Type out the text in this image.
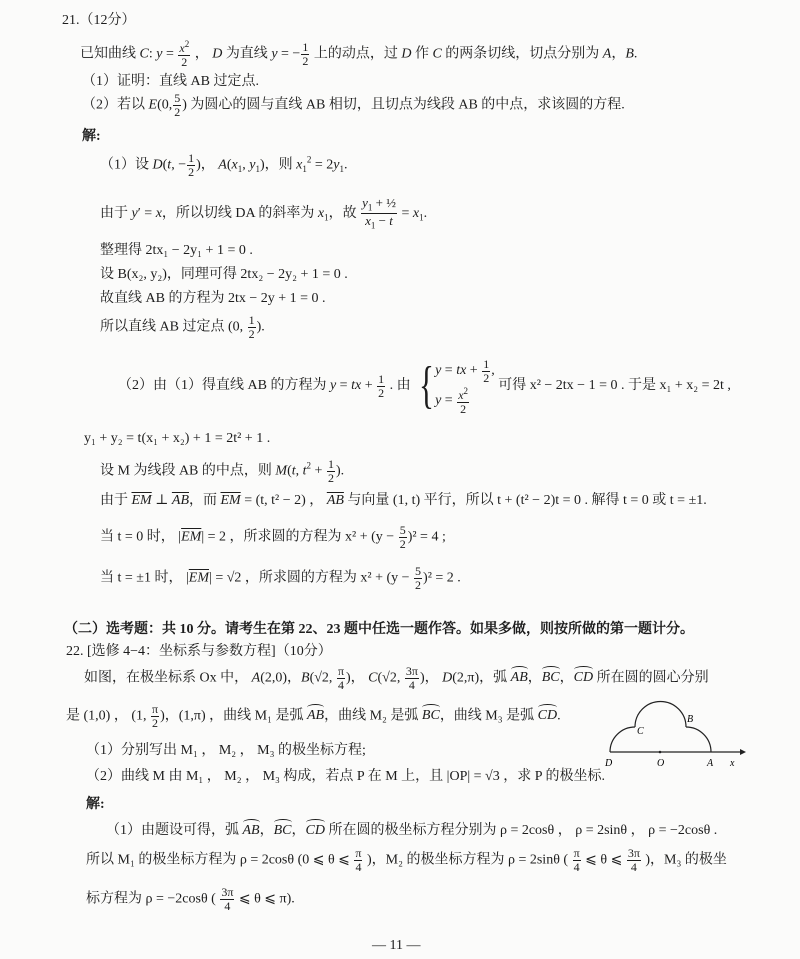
21.（12分）
已知曲线 C: $y = \frac{x^2}{2}$ ， D 为直线 y = − $\frac{1}{2}$ 上的动点，过 D 作 C 的两条切线，切点分别为 A，B.
（1）证明：直线 AB 过定点.
（2）若以 E(0, $\frac{5}{2}$ ) 为圆心的圆与直线 AB 相切，且切点为线段 AB 的中点，求该圆的方程.
解:
（1）设 D(t, − $\frac{1}{2}$ )， $A(x_1$, $y_1$)，则 $x_1^2 = 2y_1$.
由于 y′ = x，所以切线 DA 的斜率为 $x_1$，故 $\frac{y_1 + \frac{1}{2}}{x_1 - t} = x_1$.
整理得 2tx₁ − 2y₁ + 1 = 0 .
设 B(x₂, y₂)，同理可得 2tx₂ − 2y₂ + 1 = 0 .
故直线 AB 的方程为 2tx − 2y + 1 = 0 .
所以直线 AB 过定点 (0, $\frac{1}{2}$ ).
（2）由（1）得直线 AB 的方程为 y = tx + $\frac{1}{2}$ . 由 { y = tx + $\frac{1}{2}$ ,
$y = \frac{x^2}{2}$
可得 x² − 2tx − 1 = 0 . 于是 x₁ + x₂ = 2t ,
y₁ + y₂ = t(x₁ + x₂) + 1 = 2t² + 1 .
设 M 为线段 AB 的中点，则 M(t, $t^2 + \frac{1}{2}$ ).
由于 $\overline{EM}$ ⊥ $\overline{AB}$，而 $\overline{EM} = (t$, t² − 2) ， $\overline{AB}$ 与向量 (1, t) 平行，所以 t + (t² − 2)t = 0 . 解得 t = 0 或 t = ±1.
当 t = 0 时， $|\overline{EM}| = 2$ ，所求圆的方程为 $x^2 + (y - \frac{5}{2} )^2 = 4$ ;
当 t = ±1 时， $|\overline{EM}| = √2$ ，所求圆的方程为 $x^2 + (y - \frac{5}{2} )^2 = 2$ .
（二）选考题：共 10 分。请考生在第 22、23 题中任选一题作答。如果多做，则按所做的第一题计分。
22. [选修 4−4：坐标系与参数方程]（10分）
如图，在极坐标系 Ox 中， A(2,0)，B(√2, $\frac{\pi}{4}$ )， C(√2, $\frac{3\pi}{4}$ )， D(2,π)，弧 AB，BC，CD 所在圆的圆心分别
是 (1,0) ， (1, $\frac{\pi}{2}$ )，(1,π) ，曲线 M₁ 是弧 AB，曲线 M₂ 是弧 BC，曲线 M₃ 是弧 CD.
（1）分别写出 M₁ ， M₂ ， M₃ 的极坐标方程;
（2）曲线 M 由 M₁ ， M₂ ， M₃ 构成，若点 P 在 M 上，且 |OP| = √3 ，求 P 的极坐标.
解:
（1）由题设可得，弧 AB，BC，CD 所在圆的极坐标方程分别为 ρ = 2cosθ ， ρ = 2sinθ ， ρ = −2cosθ .
所以 M₁ 的极坐标方程为 ρ = 2cosθ (0 ⩽ θ ⩽ $\frac{\pi}{4}$ )，M₂ 的极坐标方程为 ρ = 2sinθ ( $\frac{\pi}{4}$ ⩽ θ ⩽ $\frac{3\pi}{4}$ )，M₃ 的极坐
标方程为 ρ = −2cosθ ( $\frac{3\pi}{4}$ ⩽ θ ⩽ π).
D	O	A x
B
C
— 11 —
